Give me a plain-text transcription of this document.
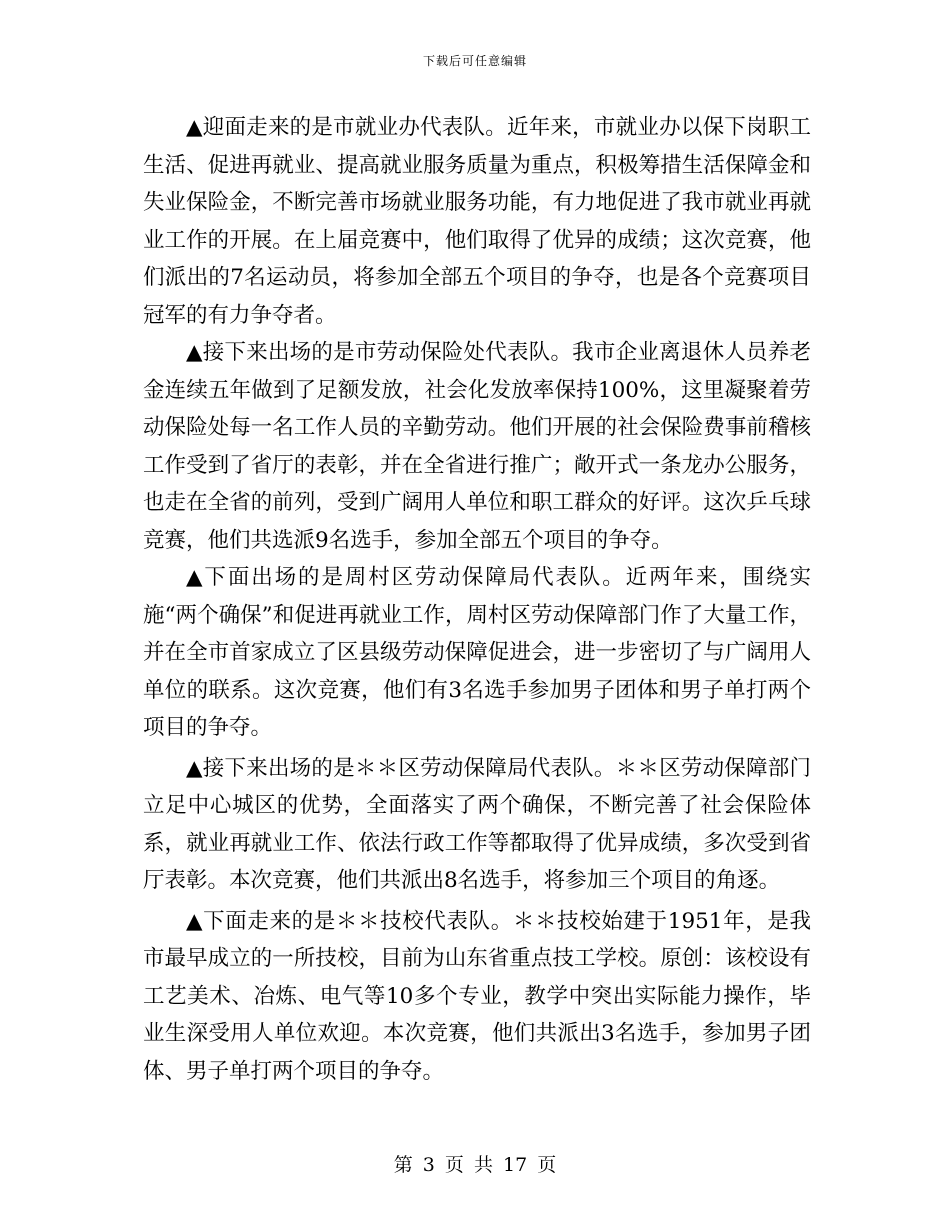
下载后可任意编辑

▲迎面走来的是市就业办代表队。近年来，市就业办以保下岗职工生活、促进再就业、提高就业服务质量为重点，积极筹措生活保障金和失业保险金，不断完善市场就业服务功能，有力地促进了我市就业再就业工作的开展。在上届竞赛中，他们取得了优异的成绩；这次竞赛，他们派出的7名运动员，将参加全部五个项目的争夺，也是各个竞赛项目冠军的有力争夺者。

▲接下来出场的是市劳动保险处代表队。我市企业离退休人员养老金连续五年做到了足额发放，社会化发放率保持100%，这里凝聚着劳动保险处每一名工作人员的辛勤劳动。他们开展的社会保险费事前稽核工作受到了省厅的表彰，并在全省进行推广；敞开式一条龙办公服务，也走在全省的前列，受到广阔用人单位和职工群众的好评。这次乒乓球竞赛，他们共选派9名选手，参加全部五个项目的争夺。

▲下面出场的是周村区劳动保障局代表队。近两年来，围绕实施“两个确保”和促进再就业工作，周村区劳动保障部门作了大量工作，并在全市首家成立了区县级劳动保障促进会，进一步密切了与广阔用人单位的联系。这次竞赛，他们有3名选手参加男子团体和男子单打两个项目的争夺。

▲接下来出场的是＊＊区劳动保障局代表队。＊＊区劳动保障部门立足中心城区的优势，全面落实了两个确保，不断完善了社会保险体系，就业再就业工作、依法行政工作等都取得了优异成绩，多次受到省厅表彰。本次竞赛，他们共派出8名选手，将参加三个项目的角逐。

▲下面走来的是＊＊技校代表队。＊＊技校始建于1951年，是我市最早成立的一所技校，目前为山东省重点技工学校。原创：该校设有工艺美术、冶炼、电气等10多个专业，教学中突出实际能力操作，毕业生深受用人单位欢迎。本次竞赛，他们共派出3名选手，参加男子团体、男子单打两个项目的争夺。

第 3 页 共 17 页
